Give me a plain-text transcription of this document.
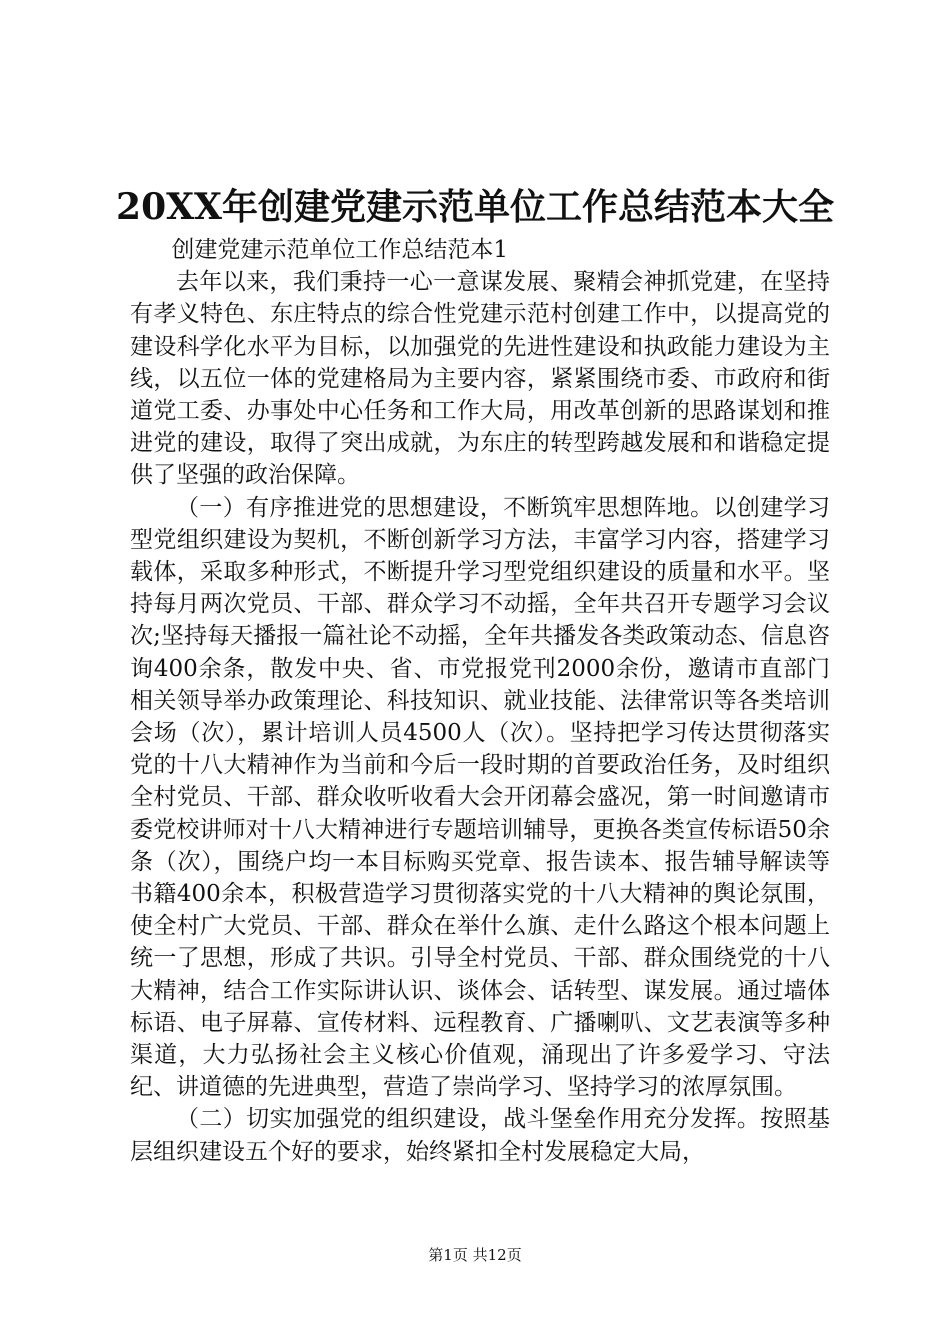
20XX年创建党建示范单位工作总结范本大全

创建党建示范单位工作总结范本1

去年以来，我们秉持一心一意谋发展、聚精会神抓党建，在坚持有孝义特色、东庄特点的综合性党建示范村创建工作中，以提高党的建设科学化水平为目标，以加强党的先进性建设和执政能力建设为主线，以五位一体的党建格局为主要内容，紧紧围绕市委、市政府和街道党工委、办事处中心任务和工作大局，用改革创新的思路谋划和推进党的建设，取得了突出成就，为东庄的转型跨越发展和和谐稳定提供了坚强的政治保障。

（一）有序推进党的思想建设，不断筑牢思想阵地。以创建学习型党组织建设为契机，不断创新学习方法，丰富学习内容，搭建学习载体，采取多种形式，不断提升学习型党组织建设的质量和水平。坚持每月两次党员、干部、群众学习不动摇，全年共召开专题学习会议次;坚持每天播报一篇社论不动摇，全年共播发各类政策动态、信息咨询400余条，散发中央、省、市党报党刊2000余份，邀请市直部门相关领导举办政策理论、科技知识、就业技能、法律常识等各类培训会场（次），累计培训人员4500人（次）。坚持把学习传达贯彻落实党的十八大精神作为当前和今后一段时期的首要政治任务，及时组织全村党员、干部、群众收听收看大会开闭幕会盛况，第一时间邀请市委党校讲师对十八大精神进行专题培训辅导，更换各类宣传标语50余条（次），围绕户均一本目标购买党章、报告读本、报告辅导解读等书籍400余本，积极营造学习贯彻落实党的十八大精神的舆论氛围，使全村广大党员、干部、群众在举什么旗、走什么路这个根本问题上统一了思想，形成了共识。引导全村党员、干部、群众围绕党的十八大精神，结合工作实际讲认识、谈体会、话转型、谋发展。通过墙体标语、电子屏幕、宣传材料、远程教育、广播喇叭、文艺表演等多种渠道，大力弘扬社会主义核心价值观，涌现出了许多爱学习、守法纪、讲道德的先进典型，营造了崇尚学习、坚持学习的浓厚氛围。

（二）切实加强党的组织建设，战斗堡垒作用充分发挥。按照基层组织建设五个好的要求，始终紧扣全村发展稳定大局，

第1页 共12页
